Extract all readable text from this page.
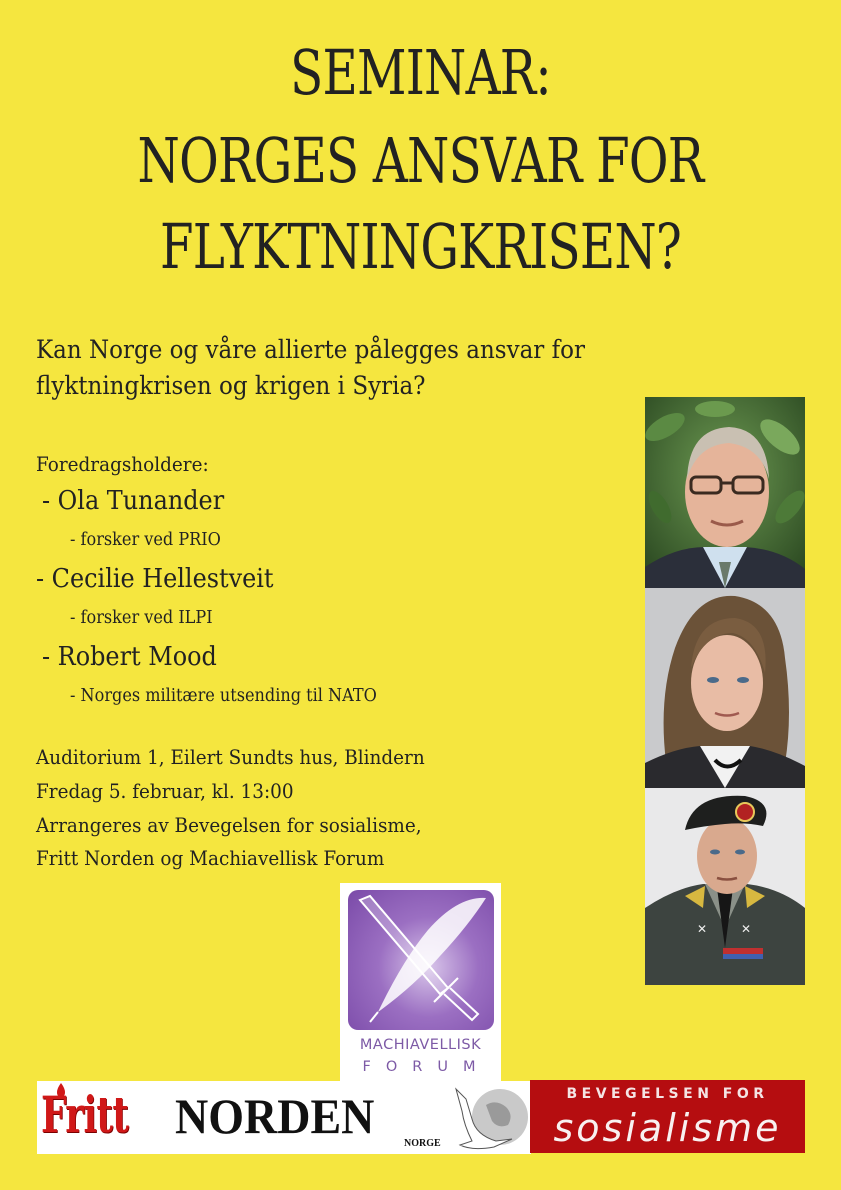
SEMINAR:
NORGES ANSVAR FOR
FLYKTNINGKRISEN?
Kan Norge og våre allierte pålegges ansvar for
flyktningkrisen og krigen i Syria?
Foredragsholdere:
- Ola Tunander
- forsker ved PRIO
- Cecilie Hellestveit
- forsker ved ILPI
- Robert Mood
- Norges militære utsending til NATO
Auditorium 1, Eilert Sundts hus, Blindern
Fredag 5. februar, kl. 13:00
Arrangeres av Bevegelsen for sosialisme,
Fritt Norden og Machiavellisk Forum
✕	✕
MACHIAVELLISK
FORUM
Fritt NORDEN	NORGE
BEVEGELSEN FOR
sosialisme
